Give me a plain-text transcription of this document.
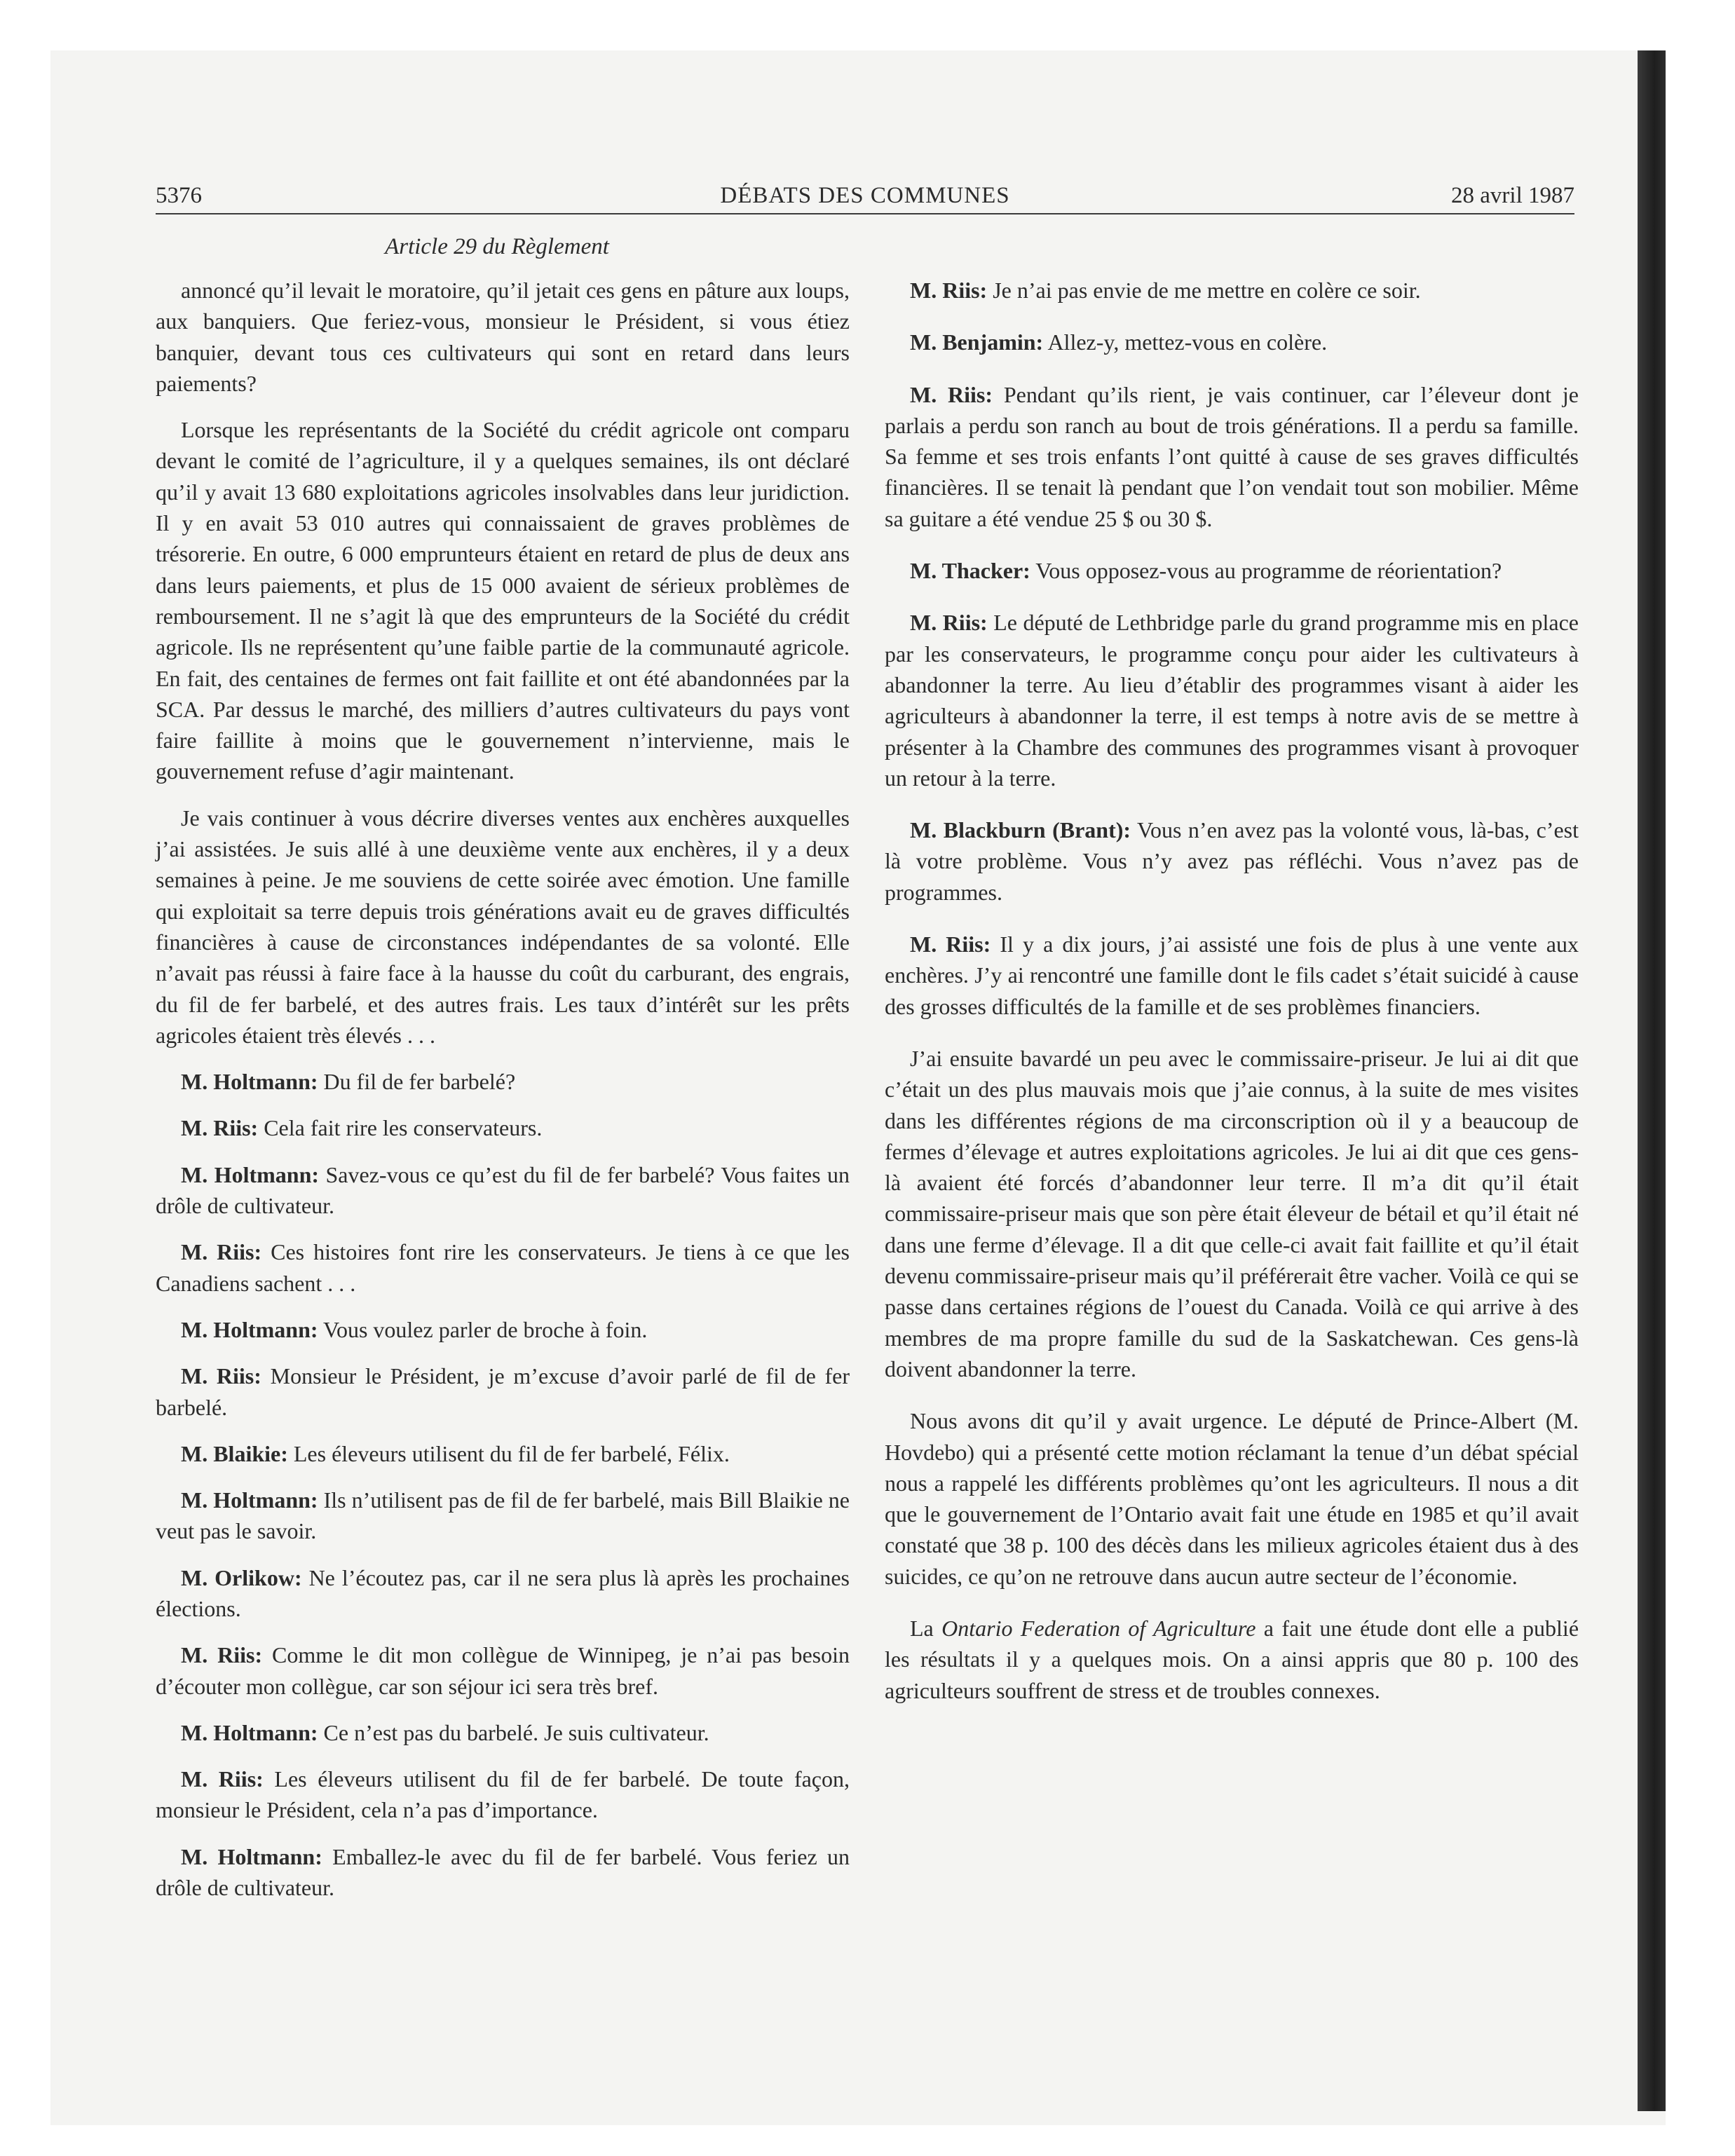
5376	DÉBATS DES COMMUNES	28 avril 1987
Article 29 du Règlement

annoncé qu’il levait le moratoire, qu’il jetait ces gens en pâture aux loups, aux banquiers. Que feriez-vous, monsieur le Président, si vous étiez banquier, devant tous ces cultivateurs qui sont en retard dans leurs paiements?

Lorsque les représentants de la Société du crédit agricole ont comparu devant le comité de l’agriculture, il y a quelques semaines, ils ont déclaré qu’il y avait 13 680 exploitations agricoles insolvables dans leur juridiction. Il y en avait 53 010 autres qui connaissaient de graves problèmes de trésorerie. En outre, 6 000 emprunteurs étaient en retard de plus de deux ans dans leurs paiements, et plus de 15 000 avaient de sérieux problèmes de remboursement. Il ne s’agit là que des emprunteurs de la Société du crédit agricole. Ils ne représentent qu’une faible partie de la communauté agricole. En fait, des centaines de fermes ont fait faillite et ont été abandonnées par la SCA. Par dessus le marché, des milliers d’autres cultivateurs du pays vont faire faillite à moins que le gouvernement n’intervienne, mais le gouvernement refuse d’agir maintenant.

Je vais continuer à vous décrire diverses ventes aux enchères auxquelles j’ai assistées. Je suis allé à une deuxième vente aux enchères, il y a deux semaines à peine. Je me souviens de cette soirée avec émotion. Une famille qui exploitait sa terre depuis trois générations avait eu de graves difficultés financières à cause de circonstances indépendantes de sa volonté. Elle n’avait pas réussi à faire face à la hausse du coût du carburant, des engrais, du fil de fer barbelé, et des autres frais. Les taux d’intérêt sur les prêts agricoles étaient très élevés . . .

M. Holtmann: Du fil de fer barbelé?

M. Riis: Cela fait rire les conservateurs.

M. Holtmann: Savez-vous ce qu’est du fil de fer barbelé? Vous faites un drôle de cultivateur.

M. Riis: Ces histoires font rire les conservateurs. Je tiens à ce que les Canadiens sachent . . .

M. Holtmann: Vous voulez parler de broche à foin.

M. Riis: Monsieur le Président, je m’excuse d’avoir parlé de fil de fer barbelé.

M. Blaikie: Les éleveurs utilisent du fil de fer barbelé, Félix.

M. Holtmann: Ils n’utilisent pas de fil de fer barbelé, mais Bill Blaikie ne veut pas le savoir.

M. Orlikow: Ne l’écoutez pas, car il ne sera plus là après les prochaines élections.

M. Riis: Comme le dit mon collègue de Winnipeg, je n’ai pas besoin d’écouter mon collègue, car son séjour ici sera très bref.

M. Holtmann: Ce n’est pas du barbelé. Je suis cultivateur.

M. Riis: Les éleveurs utilisent du fil de fer barbelé. De toute façon, monsieur le Président, cela n’a pas d’importance.

M. Holtmann: Emballez-le avec du fil de fer barbelé. Vous feriez un drôle de cultivateur.

M. Riis: Je n’ai pas envie de me mettre en colère ce soir.

M. Benjamin: Allez-y, mettez-vous en colère.

M. Riis: Pendant qu’ils rient, je vais continuer, car l’éleveur dont je parlais a perdu son ranch au bout de trois générations. Il a perdu sa famille. Sa femme et ses trois enfants l’ont quitté à cause de ses graves difficultés financières. Il se tenait là pendant que l’on vendait tout son mobilier. Même sa guitare a été vendue 25 $ ou 30 $.

M. Thacker: Vous opposez-vous au programme de réorientation?

M. Riis: Le député de Lethbridge parle du grand programme mis en place par les conservateurs, le programme conçu pour aider les cultivateurs à abandonner la terre. Au lieu d’établir des programmes visant à aider les agriculteurs à abandonner la terre, il est temps à notre avis de se mettre à présenter à la Chambre des communes des programmes visant à provoquer un retour à la terre.

M. Blackburn (Brant): Vous n’en avez pas la volonté vous, là-bas, c’est là votre problème. Vous n’y avez pas réfléchi. Vous n’avez pas de programmes.

M. Riis: Il y a dix jours, j’ai assisté une fois de plus à une vente aux enchères. J’y ai rencontré une famille dont le fils cadet s’était suicidé à cause des grosses difficultés de la famille et de ses problèmes financiers.

J’ai ensuite bavardé un peu avec le commissaire-priseur. Je lui ai dit que c’était un des plus mauvais mois que j’aie connus, à la suite de mes visites dans les différentes régions de ma circonscription où il y a beaucoup de fermes d’élevage et autres exploitations agricoles. Je lui ai dit que ces gens-là avaient été forcés d’abandonner leur terre. Il m’a dit qu’il était commissaire-priseur mais que son père était éleveur de bétail et qu’il était né dans une ferme d’élevage. Il a dit que celle-ci avait fait faillite et qu’il était devenu commissaire-priseur mais qu’il préférerait être vacher. Voilà ce qui se passe dans certaines régions de l’ouest du Canada. Voilà ce qui arrive à des membres de ma propre famille du sud de la Saskatchewan. Ces gens-là doivent abandonner la terre.

Nous avons dit qu’il y avait urgence. Le député de Prince-Albert (M. Hovdebo) qui a présenté cette motion réclamant la tenue d’un débat spécial nous a rappelé les différents problèmes qu’ont les agriculteurs. Il nous a dit que le gouvernement de l’Ontario avait fait une étude en 1985 et qu’il avait constaté que 38 p. 100 des décès dans les milieux agricoles étaient dus à des suicides, ce qu’on ne retrouve dans aucun autre secteur de l’économie.

La Ontario Federation of Agriculture a fait une étude dont elle a publié les résultats il y a quelques mois. On a ainsi appris que 80 p. 100 des agriculteurs souffrent de stress et de troubles connexes.
